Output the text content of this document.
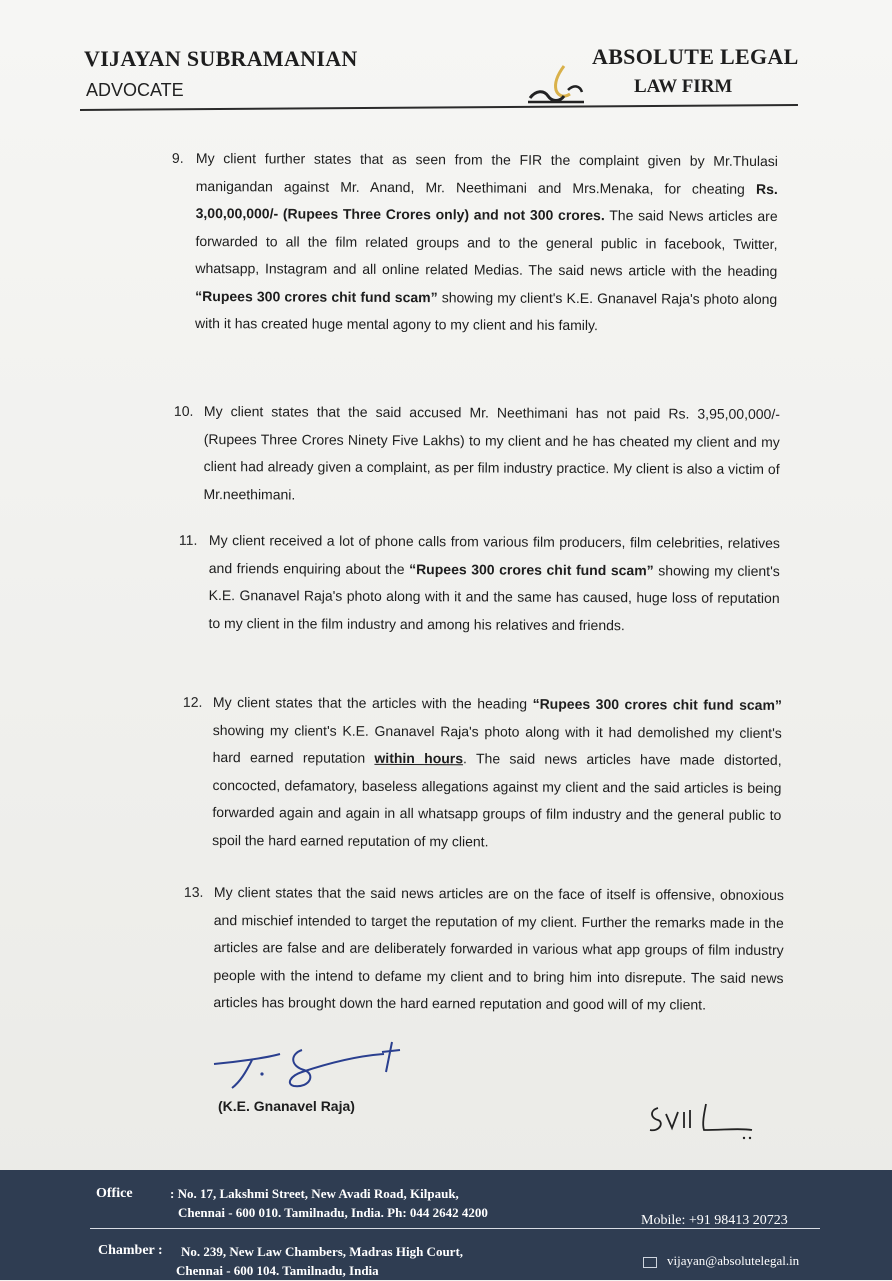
VIJAYAN SUBRAMANIAN
ADVOCATE
ABSOLUTE LEGAL
LAW FIRM
9. My client further states that as seen from the FIR the complaint given by Mr.Thulasi manigandan against Mr. Anand, Mr. Neethimani and Mrs.Menaka, for cheating Rs. 3,00,00,000/- (Rupees Three Crores only) and not 300 crores. The said News articles are forwarded to all the film related groups and to the general public in facebook, Twitter, whatsapp, Instagram and all online related Medias. The said news article with the heading “Rupees 300 crores chit fund scam” showing my client's K.E. Gnanavel Raja's photo along with it has created huge mental agony to my client and his family.

10. My client states that the said accused Mr. Neethimani has not paid Rs. 3,95,00,000/- (Rupees Three Crores Ninety Five Lakhs) to my client and he has cheated my client and my client had already given a complaint, as per film industry practice. My client is also a victim of Mr.neethimani.

11. My client received a lot of phone calls from various film producers, film celebrities, relatives and friends enquiring about the “Rupees 300 crores chit fund scam” showing my client's K.E. Gnanavel Raja's photo along with it and the same has caused, huge loss of reputation to my client in the film industry and among his relatives and friends.

12. My client states that the articles with the heading “Rupees 300 crores chit fund scam” showing my client's K.E. Gnanavel Raja's photo along with it had demolished my client's hard earned reputation within hours. The said news articles have made distorted, concocted, defamatory, baseless allegations against my client and the said articles is being forwarded again and again in all whatsapp groups of film industry and the general public to spoil the hard earned reputation of my client.

13. My client states that the said news articles are on the face of itself is offensive, obnoxious and mischief intended to target the reputation of my client. Further the remarks made in the articles are false and are deliberately forwarded in various what app groups of film industry people with the intend to defame my client and to bring him into disrepute. The said news articles has brought down the hard earned reputation and good will of my client.

(K.E. Gnanavel Raja)
Office	: No. 17, Lakshmi Street, New Avadi Road, Kilpauk,
Chennai - 600 010. Tamilnadu, India. Ph: 044 2642 4200
Mobile: +91 98413 20723
Chamber : No. 239, New Law Chambers, Madras High Court,
Chennai - 600 104. Tamilnadu, India
vijayan@absolutelegal.in
